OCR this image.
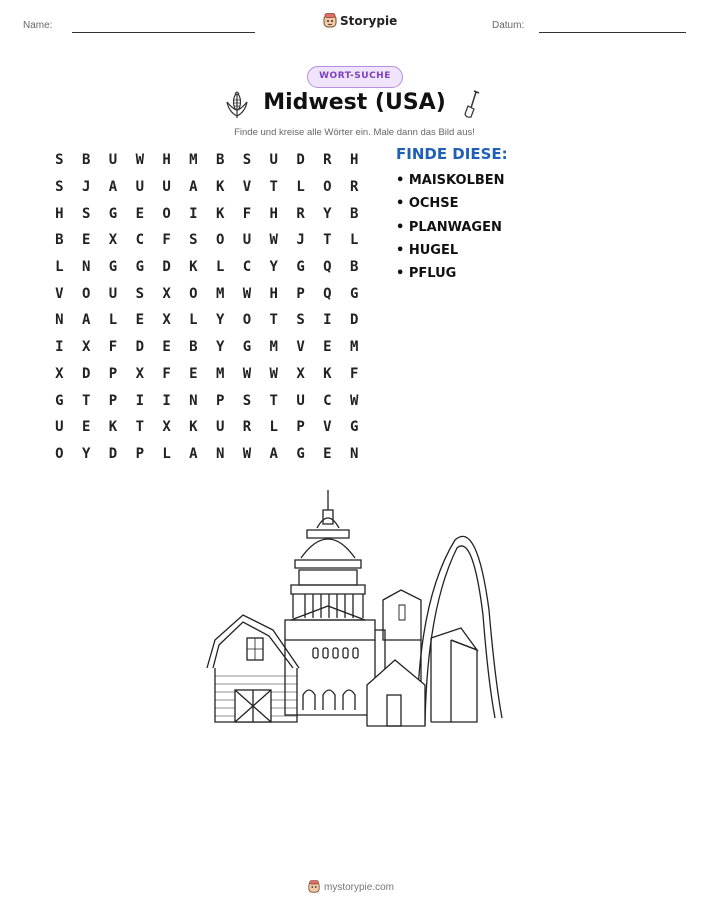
Name:	Storypie	Datum:
WORT-SUCHE
Midwest (USA)
Finde und kreise alle Wörter ein. Male dann das Bild aus!
S	B	U	W	H	M	B	S	U	D	R	H
S	J	A	U	U	A	K	V	T	L	O	R
H	S	G	E	O	I	K	F	H	R	Y	B
B	E	X	C	F	S	O	U	W	J	T	L
L	N	G	G	D	K	L	C	Y	G	Q	B
V	O	U	S	X	O	M	W	H	P	Q	G
N	A	L	E	X	L	Y	O	T	S	I	D
I	X	F	D	E	B	Y	G	M	V	E	M
X	D	P	X	F	E	M	W	W	X	K	F
G	T	P	I	I	N	P	S	T	U	C	W
U	E	K	T	X	K	U	R	L	P	V	G
O	Y	D	P	L	A	N	W	A	G	E	N
FINDE DIESE:
• MAISKOLBEN
• OCHSE
• PLANWAGEN
• HUGEL
• PFLUG
mystorypie.com
